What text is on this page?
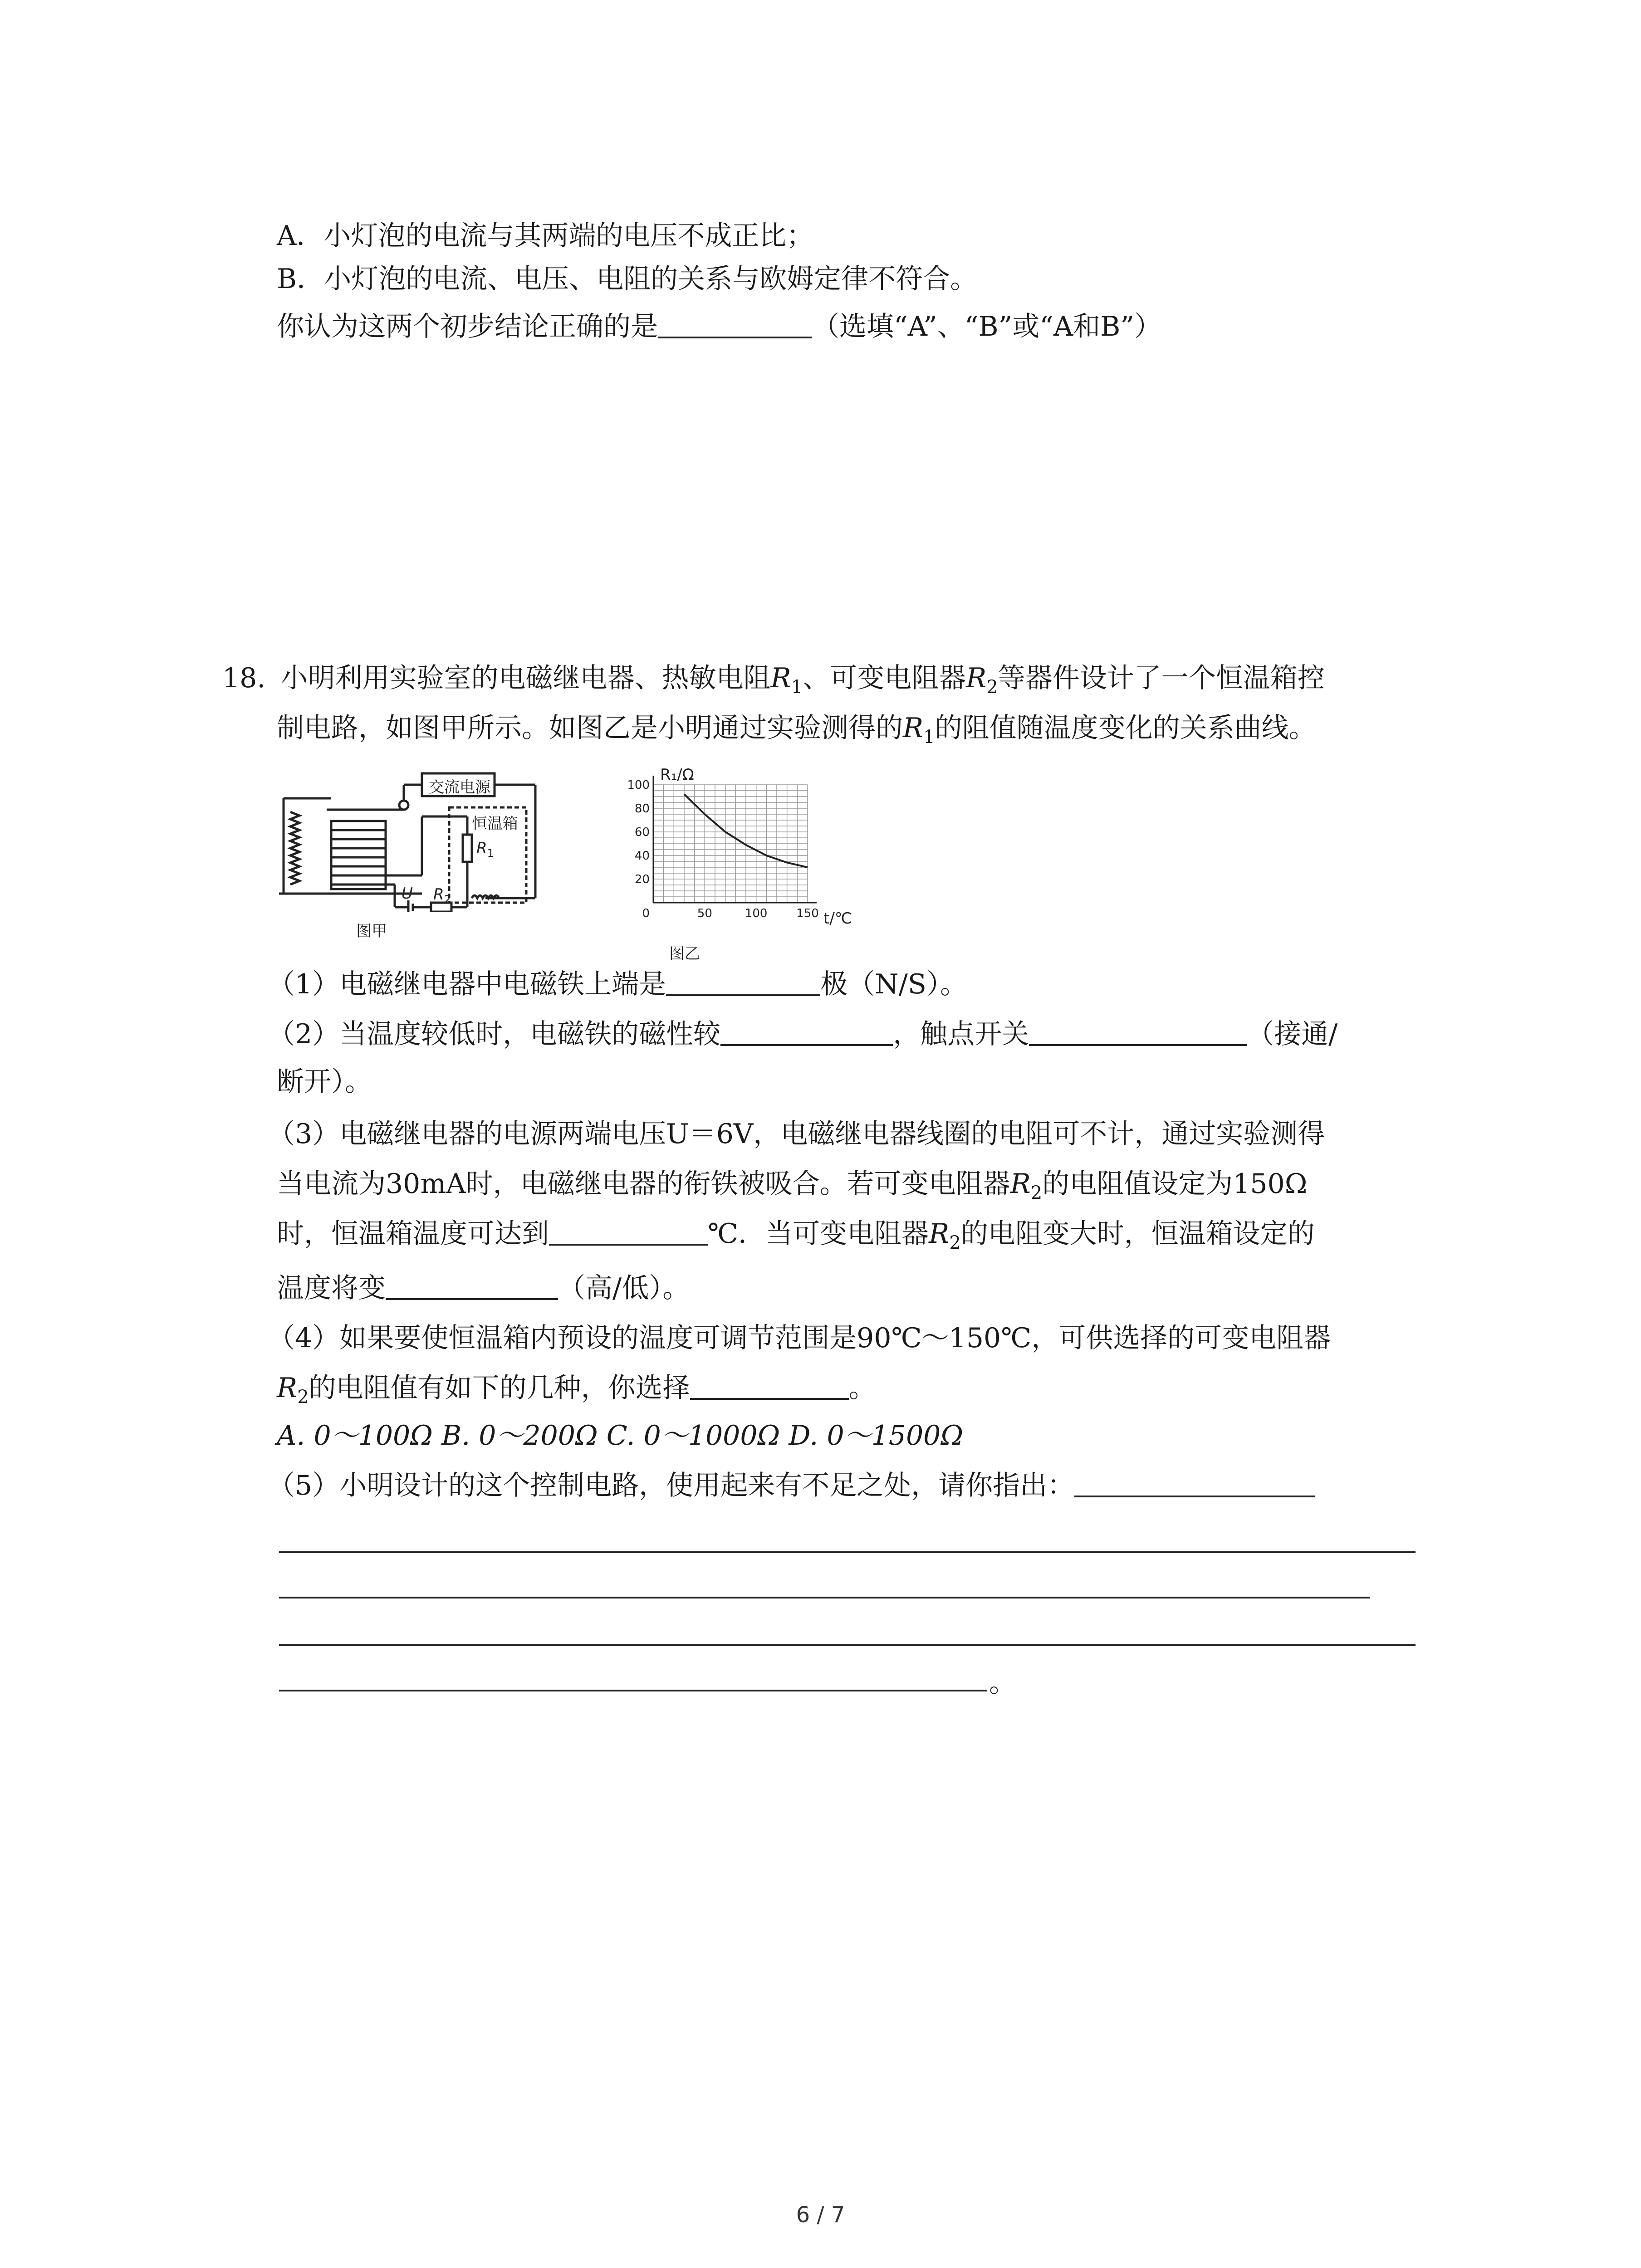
A．小灯泡的电流与其两端的电压不成正比；
B．小灯泡的电流、电压、电阻的关系与欧姆定律不符合。
你认为这两个初步结论正确的是	（选填“A”、“B”或“A和B”）
18. 小明利用实验室的电磁继电器、热敏电阻$R_1$、可变电阻器$R_2$等器件设计了一个恒温箱控
制电路，如图甲所示。如图乙是小明通过实验测得的$R_1$的阻值随温度变化的关系曲线。
交流电源
恒温箱
$R_1$
U $R_2$
图甲
20
40
60
80
100
50	100 150
0
R₁/Ω
t/℃
图乙
（1）电磁继电器中电磁铁上端是	极（N/S）。
（2）当温度较低时，电磁铁的磁性较	，触点开关	（接通/
断开）。
（3）电磁继电器的电源两端电压U＝6V，电磁继电器线圈的电阻可不计，通过实验测得
当电流为30mA时，电磁继电器的衔铁被吸合。若可变电阻器$R_2$的电阻值设定为150Ω
时，恒温箱温度可达到	℃．当可变电阻器$R_2$的电阻变大时，恒温箱设定的
温度将变	（高/低）。
（4）如果要使恒温箱内预设的温度可调节范围是90℃～150℃，可供选择的可变电阻器
$R_2$的电阻值有如下的几种，你选择	。
A. 0～100Ω B. 0～200Ω C. 0～1000Ω D. 0～1500Ω
（5）小明设计的这个控制电路，使用起来有不足之处，请你指出：
。
6 / 7
